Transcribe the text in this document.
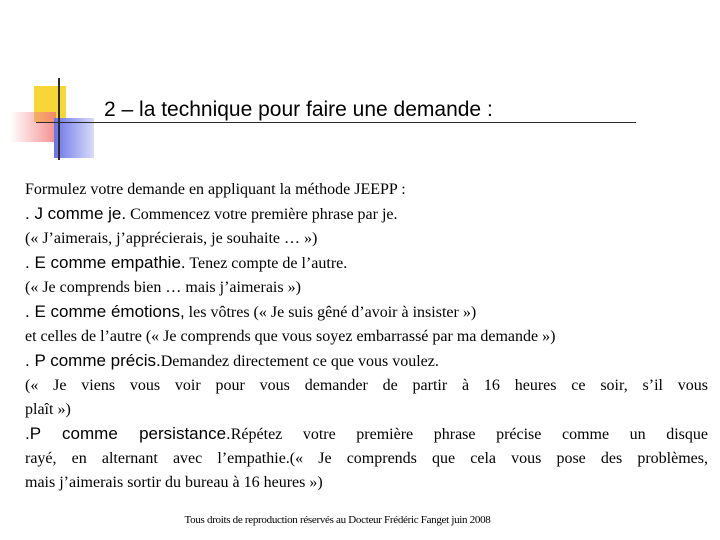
2 – la technique pour faire une demande :

Formulez votre demande en appliquant la méthode JEEPP :

. J comme je. Commencez votre première phrase par je.

(« J’aimerais, j’apprécierais, je souhaite … »)

. E comme empathie. Tenez compte de l’autre.

(« Je comprends bien … mais j’aimerais »)

. E comme émotions, les vôtres (« Je suis gêné d’avoir à insister »)

et celles de l’autre (« Je comprends que vous soyez embarrassé par ma demande »)

. P comme précis.Demandez directement ce que vous voulez.

(« Je viens vous voir pour vous demander de partir à 16 heures ce soir, s’il vous

plaît »)

.P comme persistance.Répétez votre première phrase précise comme un disque

rayé, en alternant avec l’empathie.(« Je comprends que cela vous pose des problèmes,

mais j’aimerais sortir du bureau à 16 heures »)

Tous droits de reproduction réservés au Docteur Frédéric Fanget juin 2008
